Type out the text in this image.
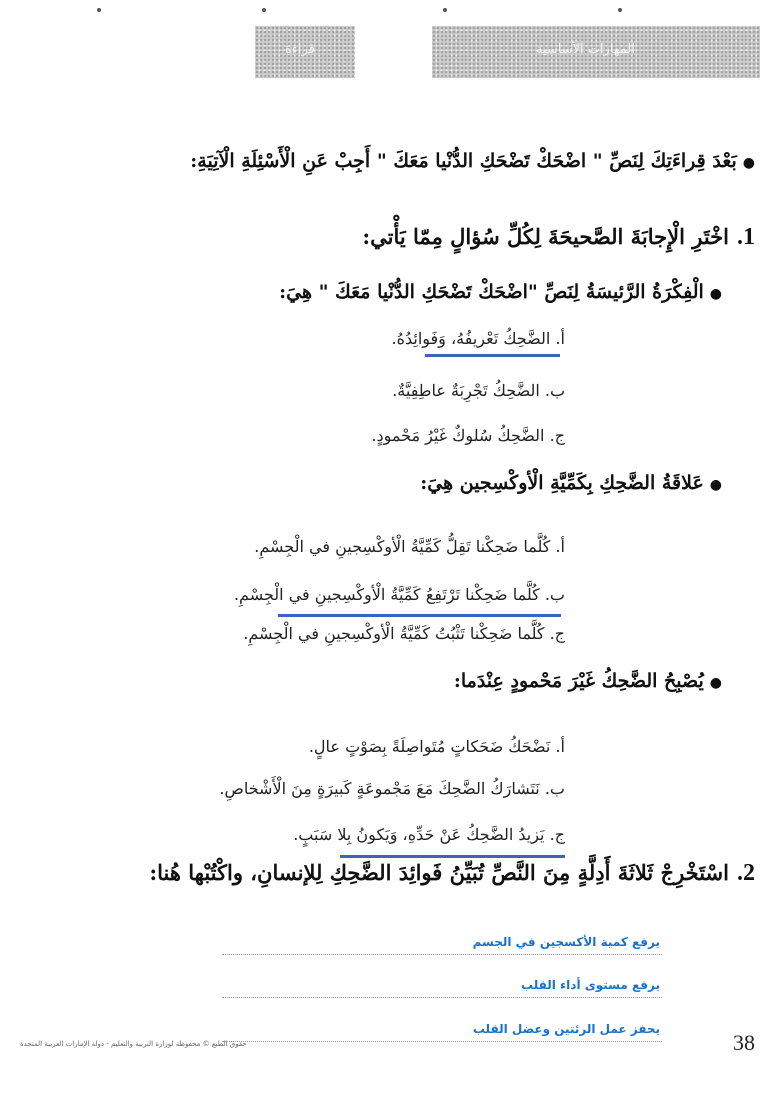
قراءة	المهارات الأساسية
●بَعْدَ قِراءَتِكَ لِنَصِّ " اضْحَكْ تَضْحَكِ الدُّنْيا مَعَكَ " أَجِبْ عَنِ الْأَسْئِلَةِ الْآتِيَةِ:
1.اخْتَرِ الْإِجابَةَ الصَّحيحَةَ لِكُلِّ سُؤالٍ مِمّا يَأْتي:
●الْفِكْرَةُ الرَّئيسَةُ لِنَصِّ "اضْحَكْ تَضْحَكِ الدُّنْيا مَعَكَ " هِيَ:
أ. الضَّحِكُ تَعْريفُهُ، وَفَوائِدُهُ.
ب. الضَّحِكُ تَجْرِبَةٌ عاطِفِيَّةٌ.
ج. الضَّحِكُ سُلوكٌ غَيْرُ مَحْمودٍ.
●عَلاقَةُ الضَّحِكِ بِكَمِّيَّةِ الْأوكْسِجين هِيَ:
أ. كُلَّما ضَحِكْنا تَقِلُّ كَمِّيَّةُ الْأوكْسِجينِ في الْجِسْمِ.
ب. كُلَّما ضَحِكْنا تَرْتَفِعُ كَمِّيَّةُ الْأوكْسِجينِ في الْجِسْمِ.
ج. كُلَّما ضَحِكْنا تَثْبُتُ كَمِّيَّةُ الْأوكْسِجينِ في الْجِسْمِ.
●يُصْبِحُ الضَّحِكُ غَيْرَ مَحْمودٍ عِنْدَما:
أ. نَضْحَكُ ضَحَكاتٍ مُتَواصِلَةً بِصَوْتٍ عالٍ.
ب. نَتَشارَكُ الضَّحِكَ مَعَ مَجْموعَةٍ كَبيرَةٍ مِنَ الْأَشْخاصِ.
ج. يَزيدُ الضَّحِكُ عَنْ حَدِّهِ، وَيَكونُ بِلا سَبَبٍ.
2.اسْتَخْرِجْ ثَلاثَةَ أَدِلَّةٍ مِنَ النَّصِّ تُبَيِّنُ فَوائِدَ الضَّحِكِ لِلإنسانِ، واكْتُبْها هُنا:
يرفع كمية الأكسجين في الجسم
يرفع مستوى أداء القلب
يحفز عمل الرئتين وعضل القلب
حقوق الطبع © محفوظة لوزارة التربية والتعليم - دولة الإمارات العربية المتحدة	38
